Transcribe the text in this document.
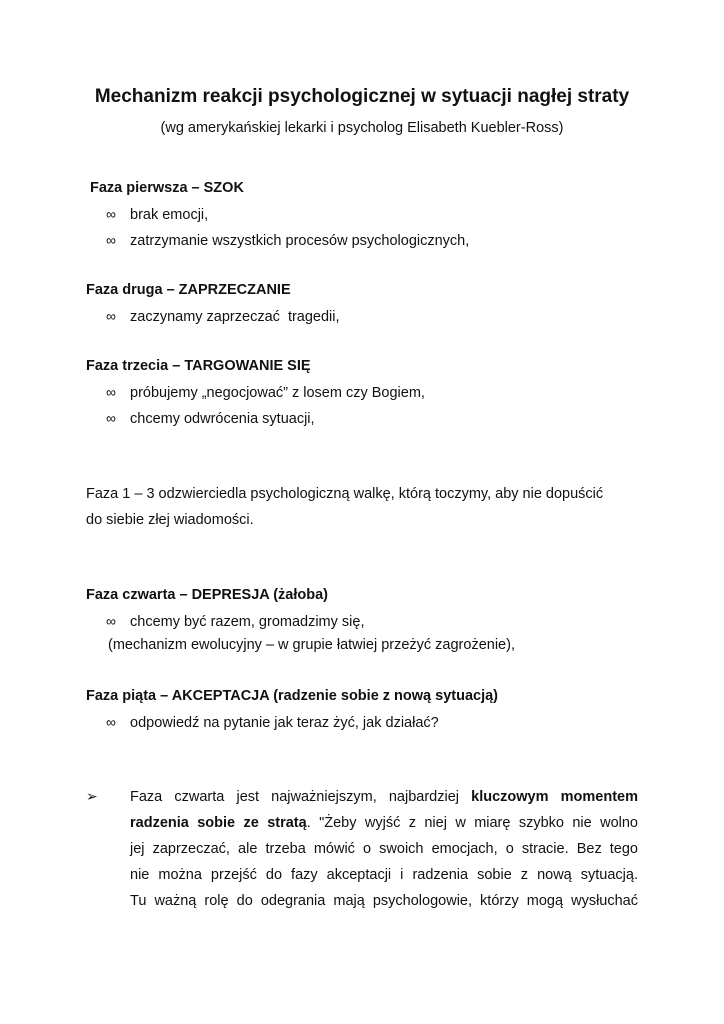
Mechanizm reakcji psychologicznej w sytuacji nagłej straty

(wg amerykańskiej lekarki i psycholog Elisabeth Kuebler-Ross)

Faza pierwsza – SZOK

∞ brak emocji,

∞ zatrzymanie wszystkich procesów psychologicznych,

Faza druga – ZAPRZECZANIE

∞ zaczynamy zaprzeczać  tragedii,

Faza trzecia – TARGOWANIE SIĘ

∞ próbujemy „negocjować” z losem czy Bogiem,

∞ chcemy odwrócenia sytuacji,

Faza 1 – 3 odzwierciedla psychologiczną walkę, którą toczymy, aby nie dopuścić

do siebie złej wiadomości.

Faza czwarta – DEPRESJA (żałoba)

∞ chcemy być razem, gromadzimy się,

(mechanizm ewolucyjny – w grupie łatwiej przeżyć zagrożenie),

Faza piąta – AKCEPTACJA (radzenie sobie z nową sytuacją)

∞ odpowiedź na pytanie jak teraz żyć, jak działać?

➢ Faza czwarta jest najważniejszym, najbardziej kluczowym momentem
radzenia sobie ze stratą. "Żeby wyjść z niej w miarę szybko nie wolno
jej zaprzeczać, ale trzeba mówić o swoich emocjach, o stracie. Bez tego
nie można przejść do fazy akceptacji i radzenia sobie z nową sytuacją.
Tu ważną rolę do odegrania mają psychologowie, którzy mogą wysłuchać
